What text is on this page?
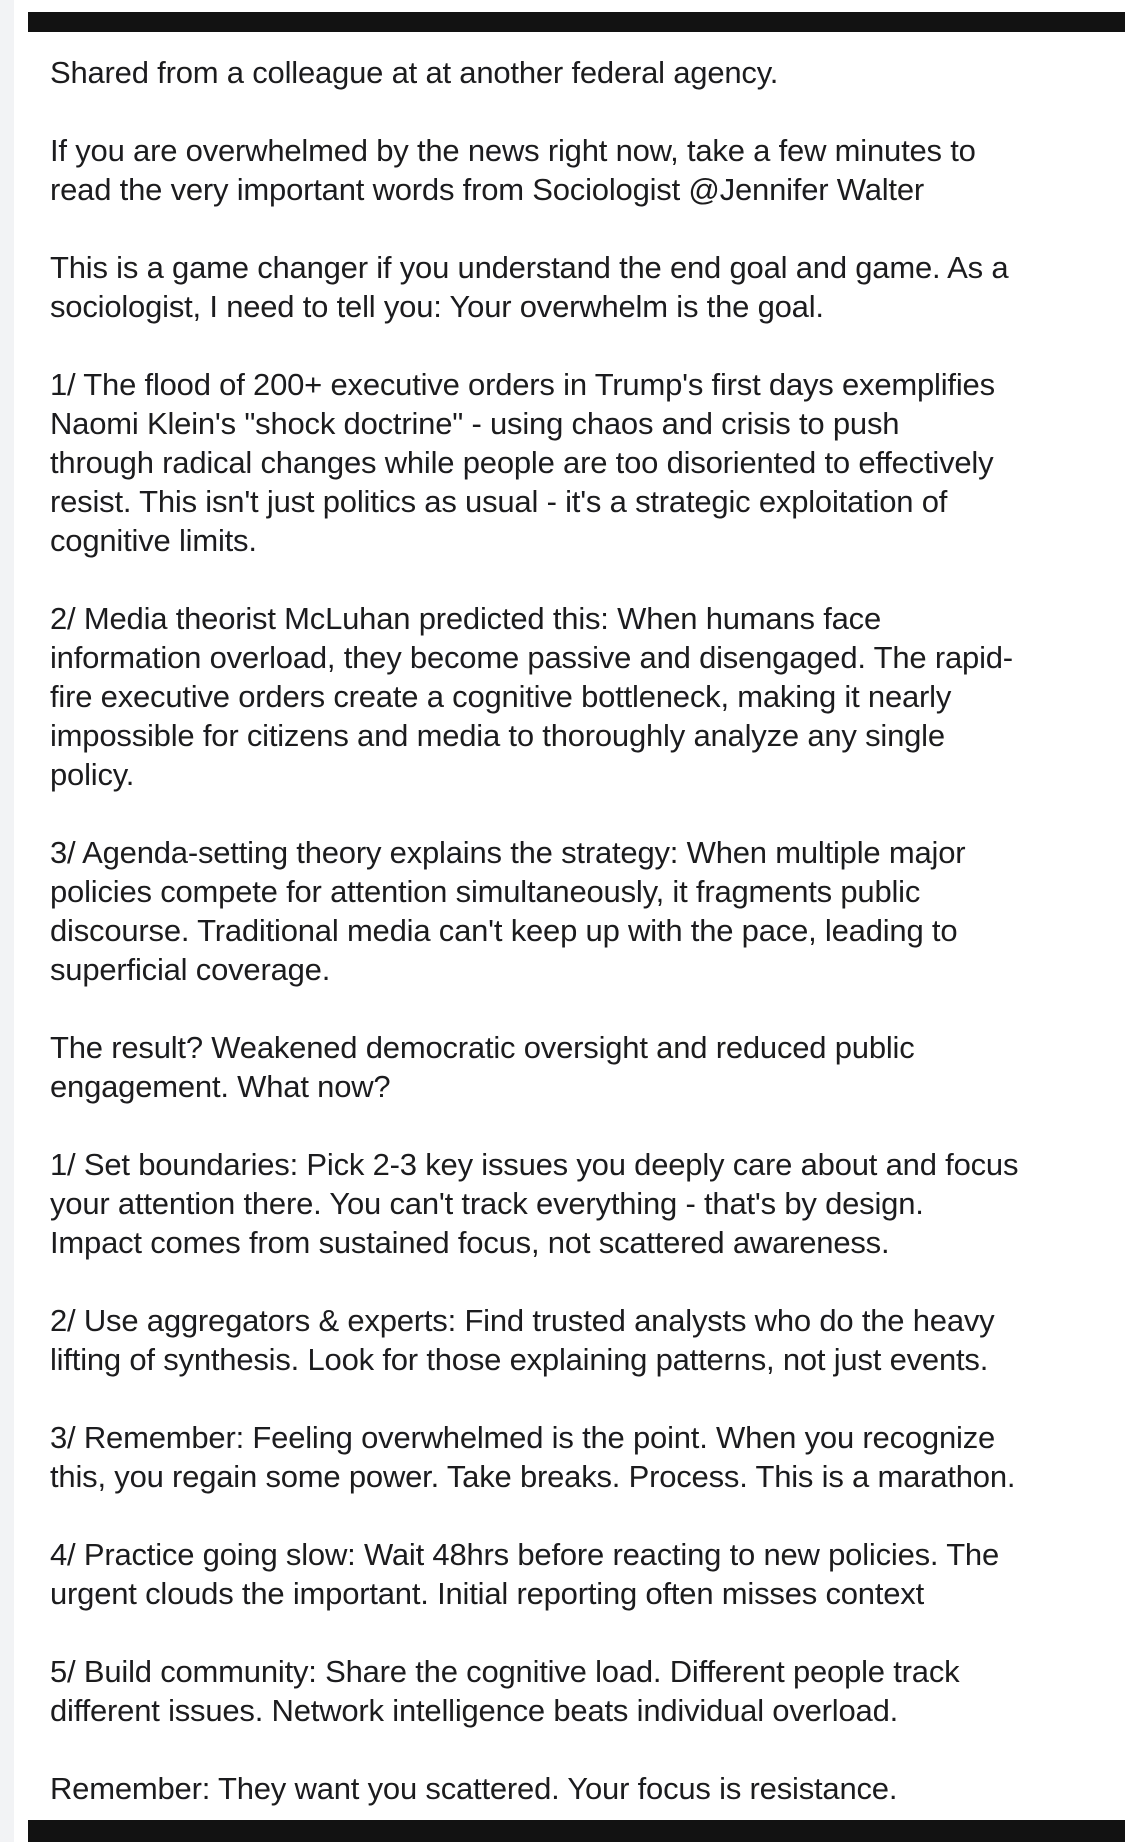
Shared from a colleague at at another federal agency.

If you are overwhelmed by the news right now, take a few minutes to
read the very important words from Sociologist @Jennifer Walter

This is a game changer if you understand the end goal and game. As a
sociologist, I need to tell you: Your overwhelm is the goal.

1/ The flood of 200+ executive orders in Trump's first days exemplifies
Naomi Klein's "shock doctrine" - using chaos and crisis to push
through radical changes while people are too disoriented to effectively
resist. This isn't just politics as usual - it's a strategic exploitation of
cognitive limits.

2/ Media theorist McLuhan predicted this: When humans face
information overload, they become passive and disengaged. The rapid-
fire executive orders create a cognitive bottleneck, making it nearly
impossible for citizens and media to thoroughly analyze any single
policy.

3/ Agenda-setting theory explains the strategy: When multiple major
policies compete for attention simultaneously, it fragments public
discourse. Traditional media can't keep up with the pace, leading to
superficial coverage.

The result? Weakened democratic oversight and reduced public
engagement. What now?

1/ Set boundaries: Pick 2-3 key issues you deeply care about and focus
your attention there. You can't track everything - that's by design.
Impact comes from sustained focus, not scattered awareness.

2/ Use aggregators & experts: Find trusted analysts who do the heavy
lifting of synthesis. Look for those explaining patterns, not just events.

3/ Remember: Feeling overwhelmed is the point. When you recognize
this, you regain some power. Take breaks. Process. This is a marathon.

4/ Practice going slow: Wait 48hrs before reacting to new policies. The
urgent clouds the important. Initial reporting often misses context

5/ Build community: Share the cognitive load. Different people track
different issues. Network intelligence beats individual overload.

Remember: They want you scattered. Your focus is resistance.
